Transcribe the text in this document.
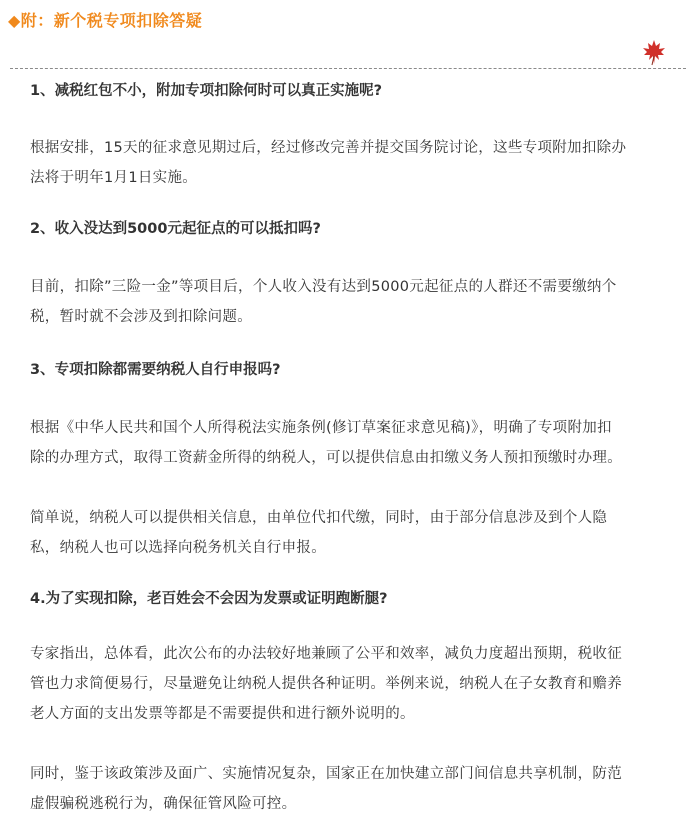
◆附：新个税专项扣除答疑
1、减税红包不小，附加专项扣除何时可以真正实施呢?
根据安排，15天的征求意见期过后，经过修改完善并提交国务院讨论，这些专项附加扣除办
法将于明年1月1日实施。
2、收入没达到5000元起征点的可以抵扣吗?
目前，扣除”三险一金”等项目后，个人收入没有达到5000元起征点的人群还不需要缴纳个
税，暂时就不会涉及到扣除问题。
3、专项扣除都需要纳税人自行申报吗?
根据《中华人民共和国个人所得税法实施条例(修订草案征求意见稿)》，明确了专项附加扣
除的办理方式，取得工资薪金所得的纳税人，可以提供信息由扣缴义务人预扣预缴时办理。
简单说，纳税人可以提供相关信息，由单位代扣代缴，同时，由于部分信息涉及到个人隐
私，纳税人也可以选择向税务机关自行申报。
4.为了实现扣除，老百姓会不会因为发票或证明跑断腿?
专家指出，总体看，此次公布的办法较好地兼顾了公平和效率，减负力度超出预期，税收征
管也力求简便易行，尽量避免让纳税人提供各种证明。举例来说，纳税人在子女教育和赡养
老人方面的支出发票等都是不需要提供和进行额外说明的。
同时，鉴于该政策涉及面广、实施情况复杂，国家正在加快建立部门间信息共享机制，防范
虚假骗税逃税行为，确保征管风险可控。
